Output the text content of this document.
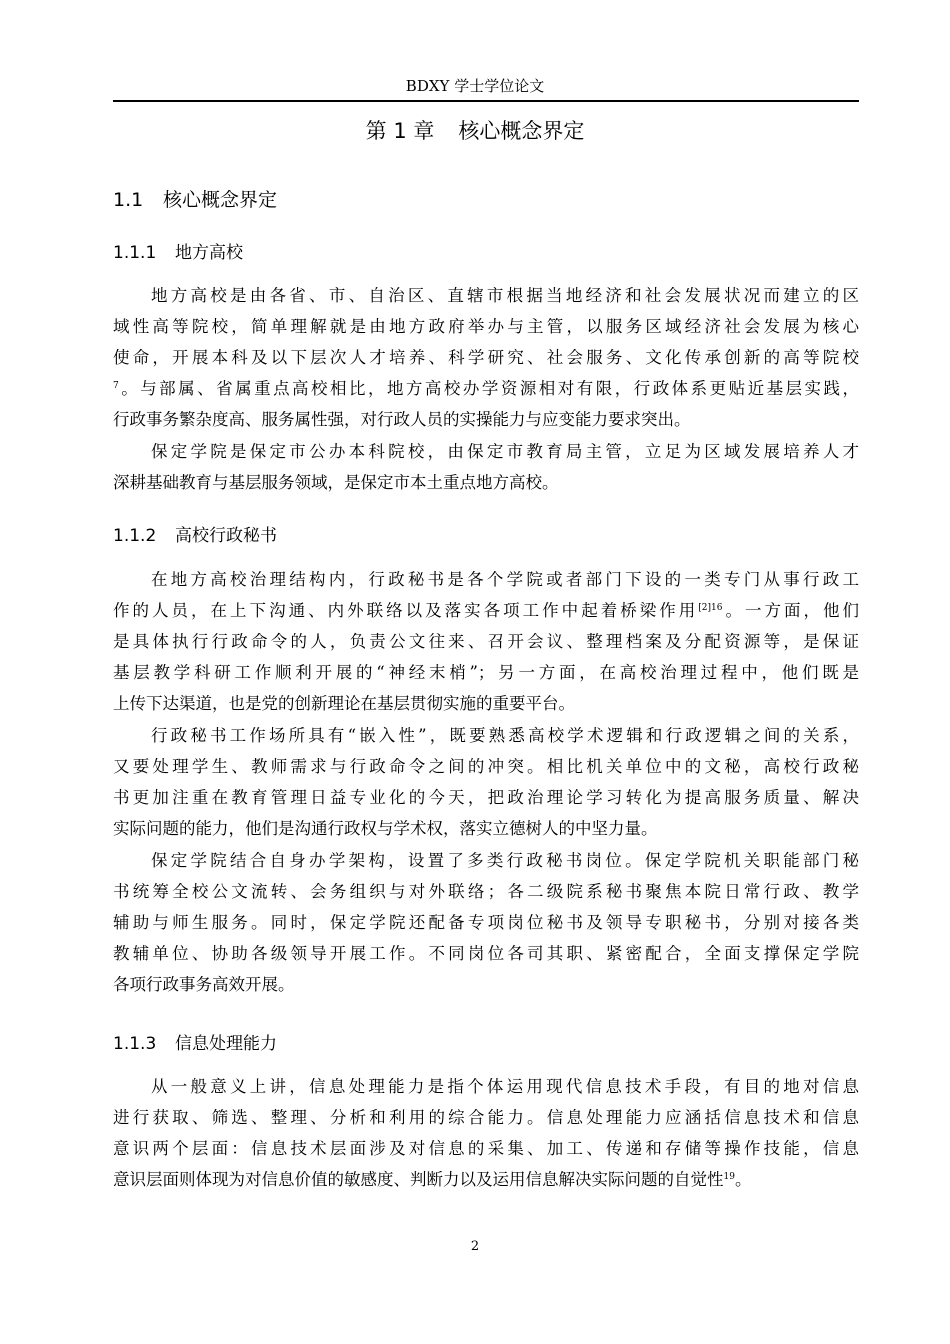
BDXY 学士学位论文
第 1 章 核心概念界定
1.1 核心概念界定
1.1.1 地方高校
地方高校是由各省、市、自治区、直辖市根据当地经济和社会发展状况而建立的区
域性高等院校，简单理解就是由地方政府举办与主管，以服务区域经济社会发展为核心
使命，开展本科及以下层次人才培养、科学研究、社会服务、文化传承创新的高等院校
$^7$。与部属、省属重点高校相比，地方高校办学资源相对有限，行政体系更贴近基层实践，
行政事务繁杂度高、服务属性强，对行政人员的实操能力与应变能力要求突出。
保定学院是保定市公办本科院校，由保定市教育局主管，立足为区域发展培养人才
深耕基础教育与基层服务领域，是保定市本土重点地方高校。
1.1.2 高校行政秘书
在地方高校治理结构内，行政秘书是各个学院或者部门下设的一类专门从事行政工
作的人员，在上下沟通、内外联络以及落实各项工作中起着桥梁作用$^{[2]16}$。一方面，他们
是具体执行行政命令的人，负责公文往来、召开会议、整理档案及分配资源等，是保证
基层教学科研工作顺利开展的“神经末梢”；另一方面，在高校治理过程中，他们既是
上传下达渠道，也是党的创新理论在基层贯彻实施的重要平台。
行政秘书工作场所具有“嵌入性”，既要熟悉高校学术逻辑和行政逻辑之间的关系，
又要处理学生、教师需求与行政命令之间的冲突。相比机关单位中的文秘，高校行政秘
书更加注重在教育管理日益专业化的今天，把政治理论学习转化为提高服务质量、解决
实际问题的能力，他们是沟通行政权与学术权，落实立德树人的中坚力量。
保定学院结合自身办学架构，设置了多类行政秘书岗位。保定学院机关职能部门秘
书统筹全校公文流转、会务组织与对外联络；各二级院系秘书聚焦本院日常行政、教学
辅助与师生服务。同时，保定学院还配备专项岗位秘书及领导专职秘书，分别对接各类
教辅单位、协助各级领导开展工作。不同岗位各司其职、紧密配合，全面支撑保定学院
各项行政事务高效开展。
1.1.3 信息处理能力
从一般意义上讲，信息处理能力是指个体运用现代信息技术手段，有目的地对信息
进行获取、筛选、整理、分析和利用的综合能力。信息处理能力应涵括信息技术和信息
意识两个层面：信息技术层面涉及对信息的采集、加工、传递和存储等操作技能，信息
意识层面则体现为对信息价值的敏感度、判断力以及运用信息解决实际问题的自觉性$^{19}$。
2
